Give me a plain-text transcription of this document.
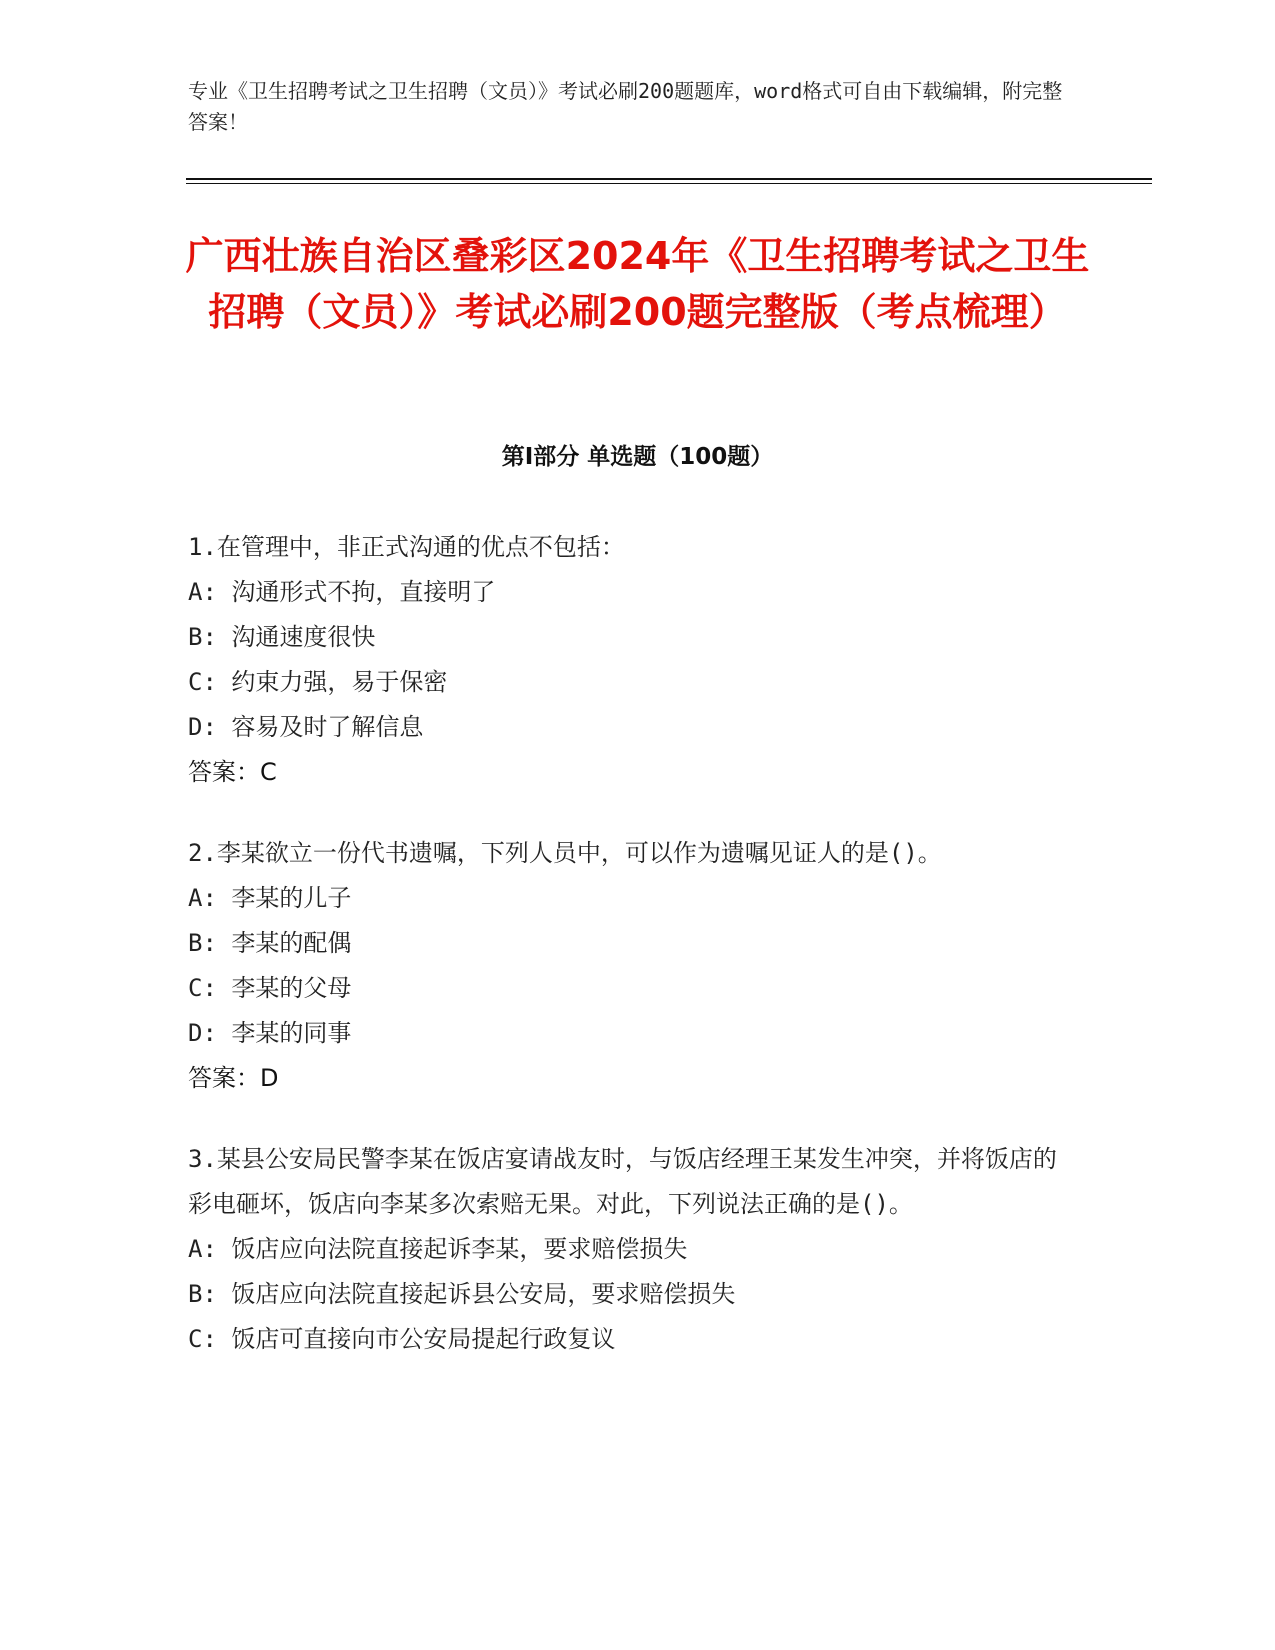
专业《卫生招聘考试之卫生招聘（文员）》考试必刷200题题库，word格式可自由下载编辑，附完整答案！

广西壮族自治区叠彩区2024年《卫生招聘考试之卫生招聘（文员）》考试必刷200题完整版（考点梳理）
第Ⅰ部分 单选题（100题）

1.在管理中，非正式沟通的优点不包括：

A: 沟通形式不拘，直接明了

B: 沟通速度很快

C: 约束力强，易于保密

D: 容易及时了解信息

答案：C

2.李某欲立一份代书遗嘱，下列人员中，可以作为遗嘱见证人的是()。

A: 李某的儿子

B: 李某的配偶

C: 李某的父母

D: 李某的同事

答案：D

3.某县公安局民警李某在饭店宴请战友时，与饭店经理王某发生冲突，并将饭店的彩电砸坏，饭店向李某多次索赔无果。对此，下列说法正确的是()。

A: 饭店应向法院直接起诉李某，要求赔偿损失

B: 饭店应向法院直接起诉县公安局，要求赔偿损失

C: 饭店可直接向市公安局提起行政复议
